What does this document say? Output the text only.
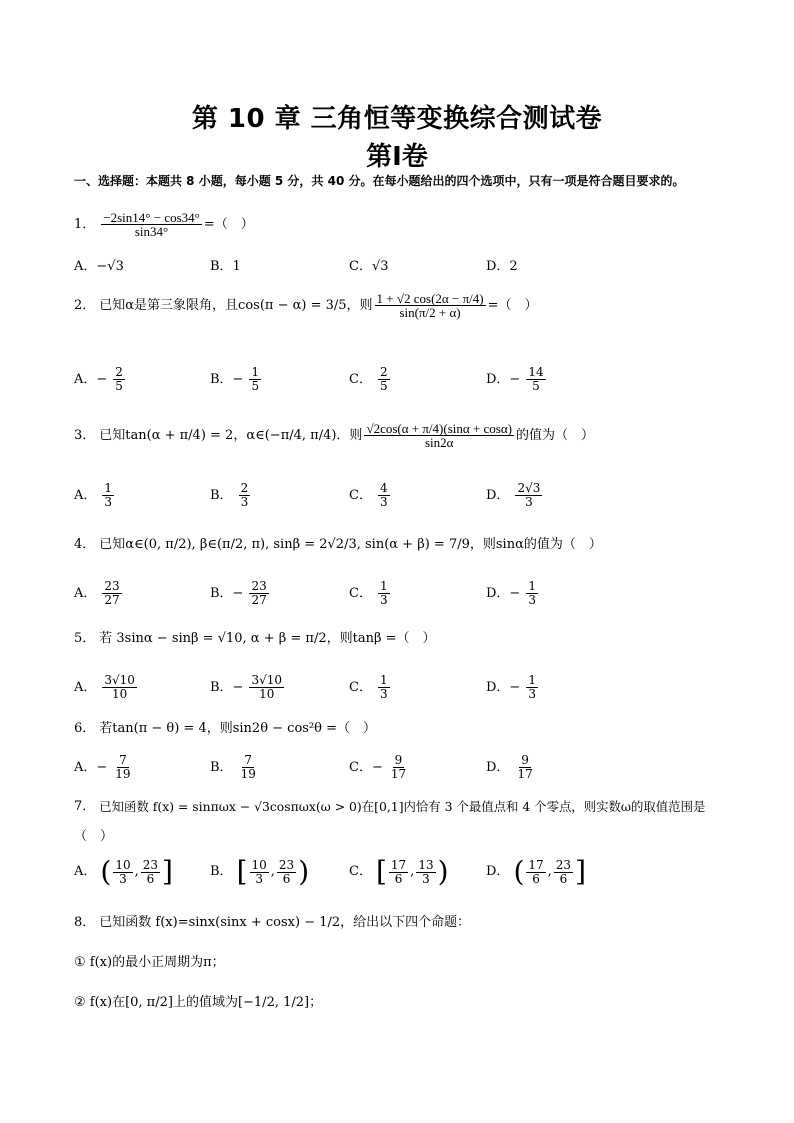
第 10 章 三角恒等变换综合测试卷
第Ⅰ卷
一、选择题：本题共 8 小题，每小题 5 分，共 40 分。在每小题给出的四个选项中，只有一项是符合题目要求的。
1． $\frac{-2\sin 14^\circ - \cos 34^\circ}{\sin 34^\circ}$ =（　）
A．−√3	B．1	C．√3	D．2
2． 已知α是第三象限角，且cos(π − α) = 3/5，则 $\frac{1 + √2 \cos(2\alpha - \pi/4)}{\sin(\pi/2 + \alpha)}$ =（　）
A．− $\frac{2}{5}$	B．− $\frac{1}{5}$	C． $\frac{2}{5}$	D．− $\frac{14}{5}$
3． 已知tan(α + π/4) = 2，α∈(−π/4, π/4)．则 $\frac{√2\cos(\alpha + \pi/4)(\sin\alpha + \cos\alpha)}{\sin 2\alpha}$ 的值为（　）
A． $\frac{1}{3}$	B． $\frac{2}{3}$	C． $\frac{4}{3}$	D． $\frac{2√3}{3}$
4． 已知α∈(0, π/2), β∈(π/2, π), sinβ = 2√2/3, sin(α + β) = 7/9，则sinα的值为（　）
A． $\frac{23}{27}$	B．− $\frac{23}{27}$	C． $\frac{1}{3}$	D．− $\frac{1}{3}$
5． 若 3sinα − sinβ = √10, α + β = π/2，则tanβ =（　）
A． $\frac{3√10}{10}$	B．− $\frac{3√10}{10}$	C． $\frac{1}{3}$	D．− $\frac{1}{3}$
6． 若tan(π − θ) = 4，则sin2θ − cos²θ =（　）
A．− $\frac{7}{19}$	B． $\frac{7}{19}$	C．− $\frac{9}{17}$	D． $\frac{9}{17}$
7． 已知函数 f(x) = sinπωx − √3cosπωx(ω > 0)在[0,1]内恰有 3 个最值点和 4 个零点，则实数ω的取值范围是
（　）
A． ( $\frac{10}{3}$ , $\frac{23}{6}$ ]	B． [ $\frac{10}{3}$ , $\frac{23}{6}$ )	C． [ $\frac{17}{6}$ , $\frac{13}{3}$ )	D． ( $\frac{17}{6}$ , $\frac{23}{6}$ ]
8． 已知函数 f(x)=sinx(sinx + cosx) − 1/2，给出以下四个命题：
① f(x)的最小正周期为π；
② f(x)在[0, π/2]上的值域为[−1/2, 1/2]；
